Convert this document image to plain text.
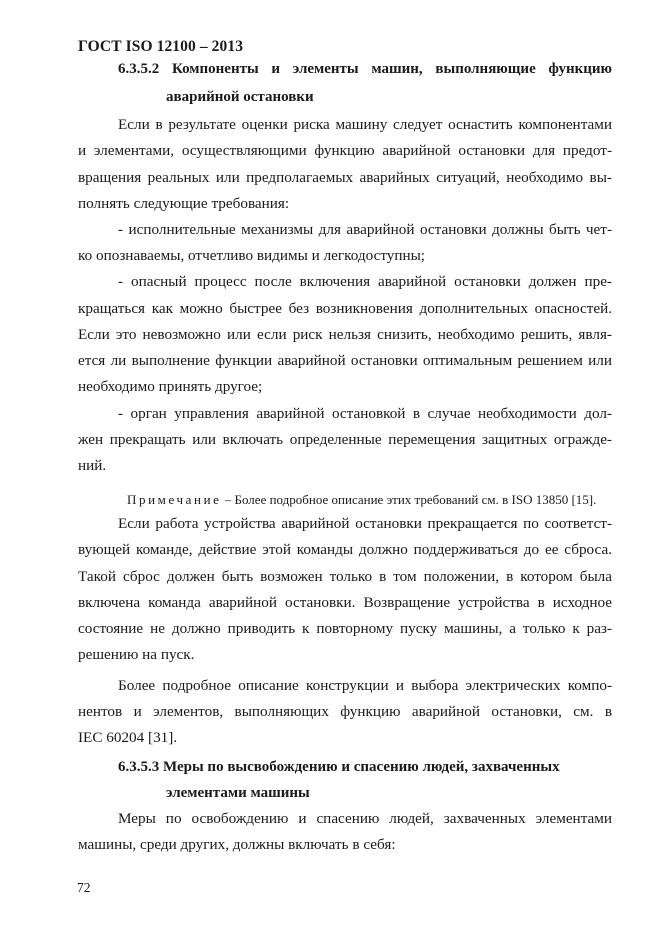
ГОСТ ISO 12100 – 2013
6.3.5.2 Компоненты и элементы машин, выполняющие функцию
аварийной остановки
Если в результате оценки риска машину следует оснастить компонентами
и элементами, осуществляющими функцию аварийной остановки для предот-
вращения реальных или предполагаемых аварийных ситуаций, необходимо вы-
полнять следующие требования:
- исполнительные механизмы для аварийной остановки должны быть чет-
ко опознаваемы, отчетливо видимы и легкодоступны;
- опасный процесс после включения аварийной остановки должен пре-
кращаться как можно быстрее без возникновения дополнительных опасностей.
Если это невозможно или если риск нельзя снизить, необходимо решить, явля-
ется ли выполнение функции аварийной остановки оптимальным решением или
необходимо принять другое;
- орган управления аварийной остановкой в случае необходимости дол-
жен прекращать или включать определенные перемещения защитных огражде-
ний.
Примечание – Более подробное описание этих требований см. в ISO 13850 [15].
Если работа устройства аварийной остановки прекращается по соответст-
вующей команде, действие этой команды должно поддерживаться до ее сброса.
Такой сброс должен быть возможен только в том положении, в котором была
включена команда аварийной остановки. Возвращение устройства в исходное
состояние не должно приводить к повторному пуску машины, а только к раз-
решению на пуск.
Более подробное описание конструкции и выбора электрических компо-
нентов и элементов, выполняющих функцию аварийной остановки, см. в
IEC 60204 [31].
6.3.5.3 Меры по высвобождению и спасению людей, захваченных
элементами машины
Меры по освобождению и спасению людей, захваченных элементами
машины, среди других, должны включать в себя:
72
